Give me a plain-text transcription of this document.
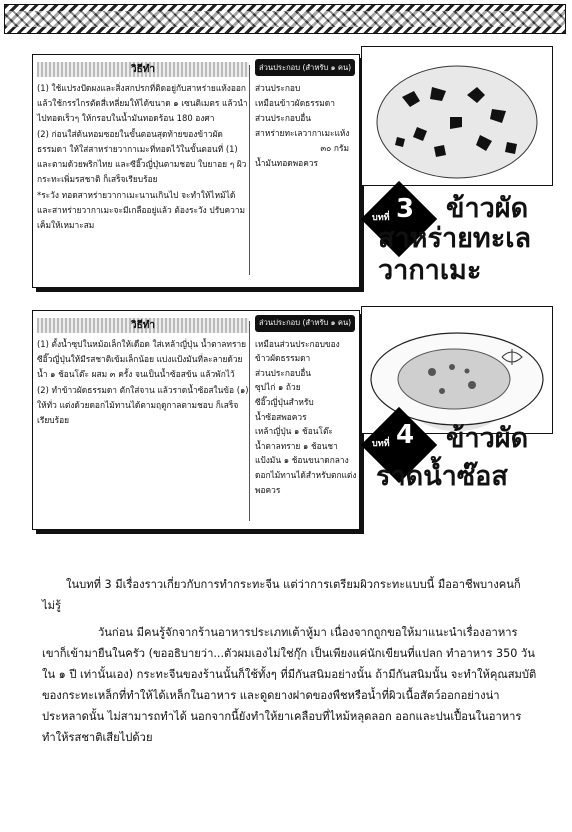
วิธีทำ

(1) ใช้แปรงปัดผงและสิ่งสกปรกที่ติดอยู่กับสาหร่ายแห้งออก แล้วใช้กรรไกรตัดสี่เหลี่ยมให้ได้ขนาด ๑ เซนติเมตร แล้วนำไปทอดเร็วๆ ให้กรอบในน้ำมันทอดร้อน 180 องศา

(2) ก่อนใส่ต้นหอมซอยในขั้นตอนสุดท้ายของข้าวผัดธรรมดา ให้ใส่สาหร่ายวากาเมะที่ทอดไว้ในขั้นตอนที่ (1) และตามด้วยพริกไทย และซีอิ๊วญี่ปุ่นตามชอบ ใบยาอย ๆ ผิวกระทะเพิ่มรสชาติ ก็เสร็จเรียบร้อย

*ระวัง ทอดสาหร่ายวากาเมะนานเกินไป จะทำให้ไหม้ได้ และสาหร่ายวากาเมะจะมีเกลืออยู่แล้ว ต้องระวัง ปรับความเค็มให้เหมาะสม

ส่วนประกอบ (สำหรับ ๑ คน)
ส่วนประกอบ
เหมือนข้าวผัดธรรมดา
ส่วนประกอบอื่น
สาหร่ายทะเลวากาเมะแห้ง
๓๐ กรัม
น้ำมันทอดพอควร
บทที่ 3 ข้าวผัด
สาหร่ายทะเล
วากาเมะ
วิธีทำ

(1) ตั้งน้ำซุปในหม้อเล็กให้เดือด ใส่เหล้าญี่ปุ่น น้ำตาลทราย ซีอิ๊วญี่ปุ่นให้มีรสชาติเข้มเล็กน้อย แบ่งแป้งมันที่ละลายด้วยน้ำ ๑ ช้อนโต๊ะ ผสม ๓ ครั้ง จนเป็นน้ำซ้อสข้น แล้วพักไว้

(2) ทำข้าวผัดธรรมดา ตักใส่จาน แล้วราดน้ำซ้อสในข้อ (๑) ให้ทั่ว แต่งด้วยดอกไม้ทานได้ตามฤดูกาลตามชอบ ก็เสร็จเรียบร้อย

ส่วนประกอบ (สำหรับ ๑ คน)
เหมือนส่วนประกอบของ
ข้าวผัดธรรมดา
ส่วนประกอบอื่น
ซุปไก่ ๑ ถ้วย
ซีอิ๊วญี่ปุ่นสำหรับ
น้ำซ้อสพอควร
เหล้าญี่ปุ่น ๑ ช้อนโต๊ะ
น้ำตาลทราย ๑ ช้อนชา
แป้งมัน ๑ ช้อนขนาดกลาง
ดอกไม้ทานได้สำหรับตกแต่ง
พอควร
บทที่ 4 ข้าวผัด
ราดน้ำซ๊อส
ในบทที่ 3 มีเรื่องราวเกี่ยวกับการทำกระทะจีน แต่ว่าการเตรียมผิวกระทะแบบนี้ มืออาชีพบางคนก็ไม่รู้
วันก่อน มีคนรู้จักจากร้านอาหารประเภทเต้าหู้มา เนื่องจากถูกขอให้มาแนะนำเรื่องอาหาร เขาก็เข้ามายืนในครัว (ขออธิบายว่า...ตัวผมเองไม่ใช่กุ๊ก เป็นเพียงแค่นักเขียนที่แปลก ทำอาหาร 350 วันใน ๑ ปี เท่านั้นเอง) กระทะจีนของร้านนั้นก็ใช้ทั้งๆ ที่มีกันสนิมอย่างนั้น ถ้ามีกันสนิมนั้น จะทำให้คุณสมบัติของกระทะเหล็กที่ทำให้ได้เหล็กในอาหาร และดูดยางฝาดของพืชหรือน้ำที่ผิวเนื้อสัตว์ออกอย่างน่าประหลาดนั้น ไม่สามารถทำได้ นอกจากนี้ยังทำให้ยาเคลือบที่ไหม้หลุดลอก ออกและปนเปื้อนในอาหาร ทำให้รสชาติเสียไปด้วย
